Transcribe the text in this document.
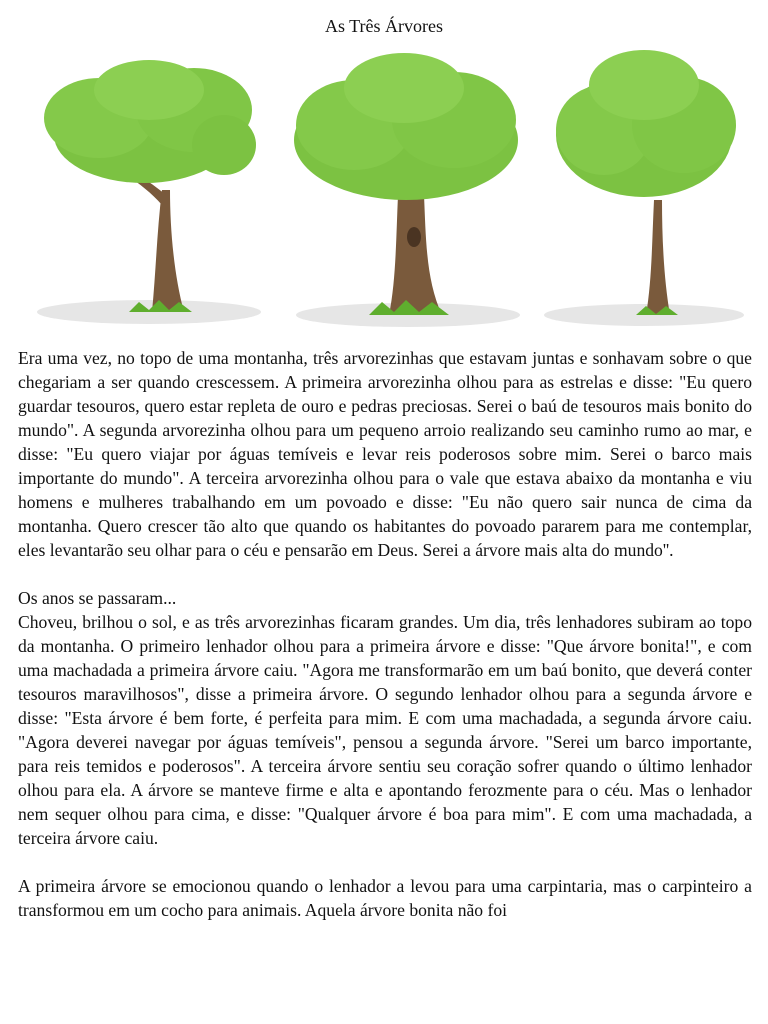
As Três Árvores

Era uma vez, no topo de uma montanha, três arvorezinhas que estavam juntas e sonhavam sobre o que chegariam a ser quando crescessem. A primeira arvorezinha olhou para as estrelas e disse: "Eu quero guardar tesouros, quero estar repleta de ouro e pedras preciosas. Serei o baú de tesouros mais bonito do mundo". A segunda arvorezinha olhou para um pequeno arroio realizando seu caminho rumo ao mar, e disse: "Eu quero viajar por águas temíveis e levar reis poderosos sobre mim. Serei o barco mais importante do mundo". A terceira arvorezinha olhou para o vale que estava abaixo da montanha e viu homens e mulheres trabalhando em um povoado e disse: "Eu não quero sair nunca de cima da montanha. Quero crescer tão alto que quando os habitantes do povoado pararem para me contemplar, eles levantarão seu olhar para o céu e pensarão em Deus. Serei a árvore mais alta do mundo''.

Os anos se passaram...
Choveu, brilhou o sol, e as três arvorezinhas ficaram grandes. Um dia, três lenhadores subiram ao topo da montanha. O primeiro lenhador olhou para a primeira árvore e disse: "Que árvore bonita!", e com uma machadada a primeira árvore caiu. "Agora me transformarão em um baú bonito, que deverá conter tesouros maravilhosos", disse a primeira árvore. O segundo lenhador olhou para a segunda árvore e disse: "Esta árvore é bem forte, é perfeita para mim. E com uma machadada, a segunda árvore caiu. "Agora deverei navegar por águas temíveis", pensou a segunda árvore. "Serei um barco importante, para reis temidos e poderosos". A terceira árvore sentiu seu coração sofrer quando o último lenhador olhou para ela. A árvore se manteve firme e alta e apontando ferozmente para o céu. Mas o lenhador nem sequer olhou para cima, e disse: "Qualquer árvore é boa para mim". E com uma machadada, a terceira árvore caiu.

A primeira árvore se emocionou quando o lenhador a levou para uma carpintaria, mas o carpinteiro a transformou em um cocho para animais. Aquela árvore bonita não foi
